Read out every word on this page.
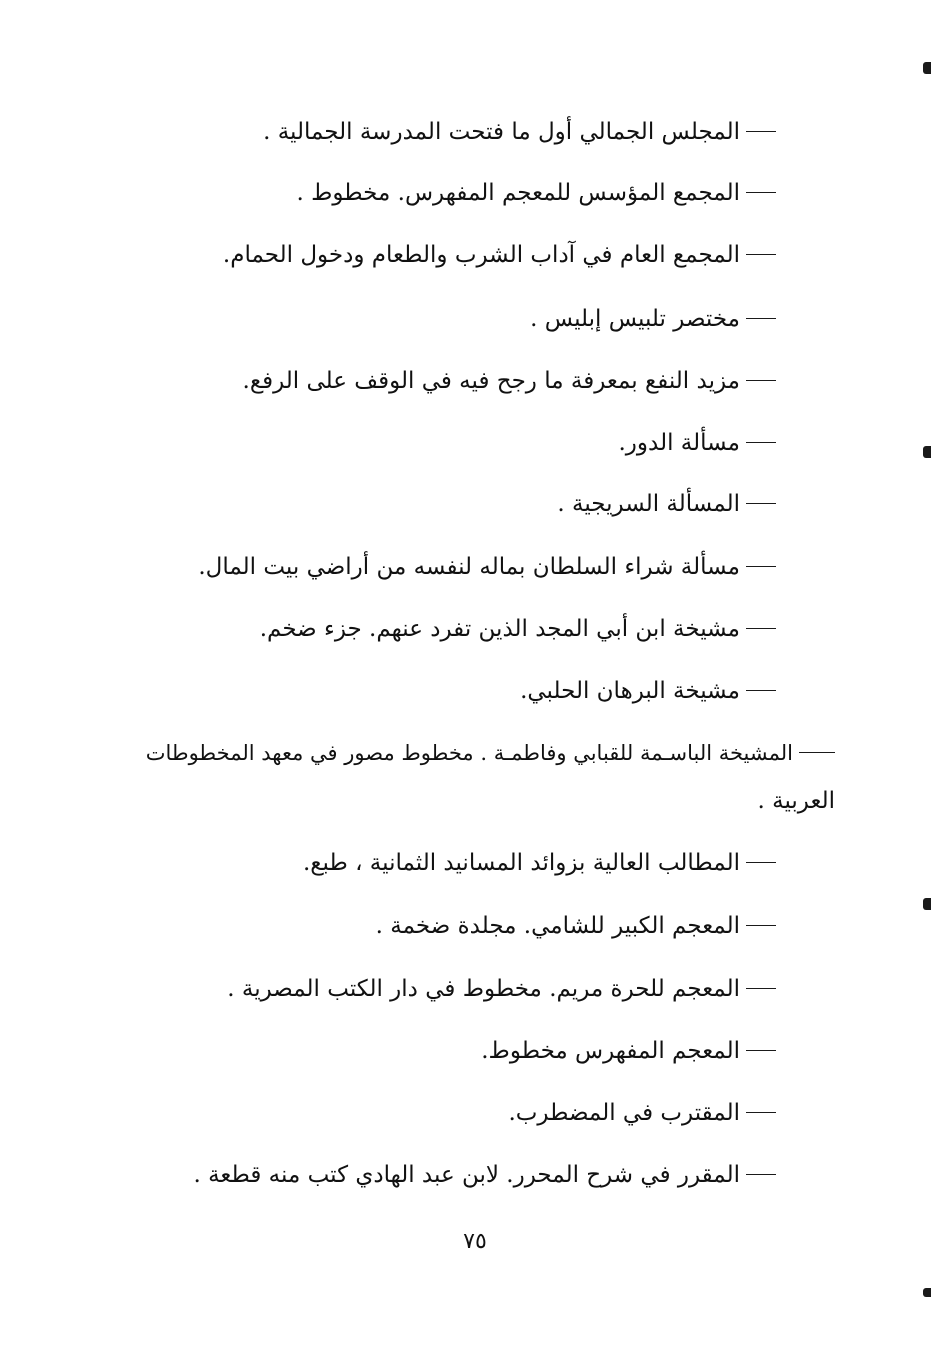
المجلس الجمالي أول ما فتحت المدرسة الجمالية .
المجمع المؤسس للمعجم المفهرس. مخطوط .
المجمع العام في آداب الشرب والطعام ودخول الحمام.
مختصر تلبيس إبليس .
مزيد النفع بمعرفة ما رجح فيه في الوقف على الرفع.
مسألة الدور.
المسألة السريجية .
مسألة شراء السلطان بماله لنفسه من أراضي بيت المال.
مشيخة ابن أبي المجد الذين تفرد عنهم. جزء ضخم.
مشيخة البرهان الحلبي.
المشيخة الباسـمة للقبابي وفاطمـة . مخطوط مصور في معهد المخطوطات
العربية .
المطالب العالية بزوائد المسانيد الثمانية ، طبع.
المعجم الكبير للشامي. مجلدة ضخمة .
المعجم للحرة مريم. مخطوط في دار الكتب المصرية .
المعجم المفهرس مخطوط.
المقترب في المضطرب.
المقرر في شرح المحرر. لابن عبد الهادي كتب منه قطعة .
٧٥
